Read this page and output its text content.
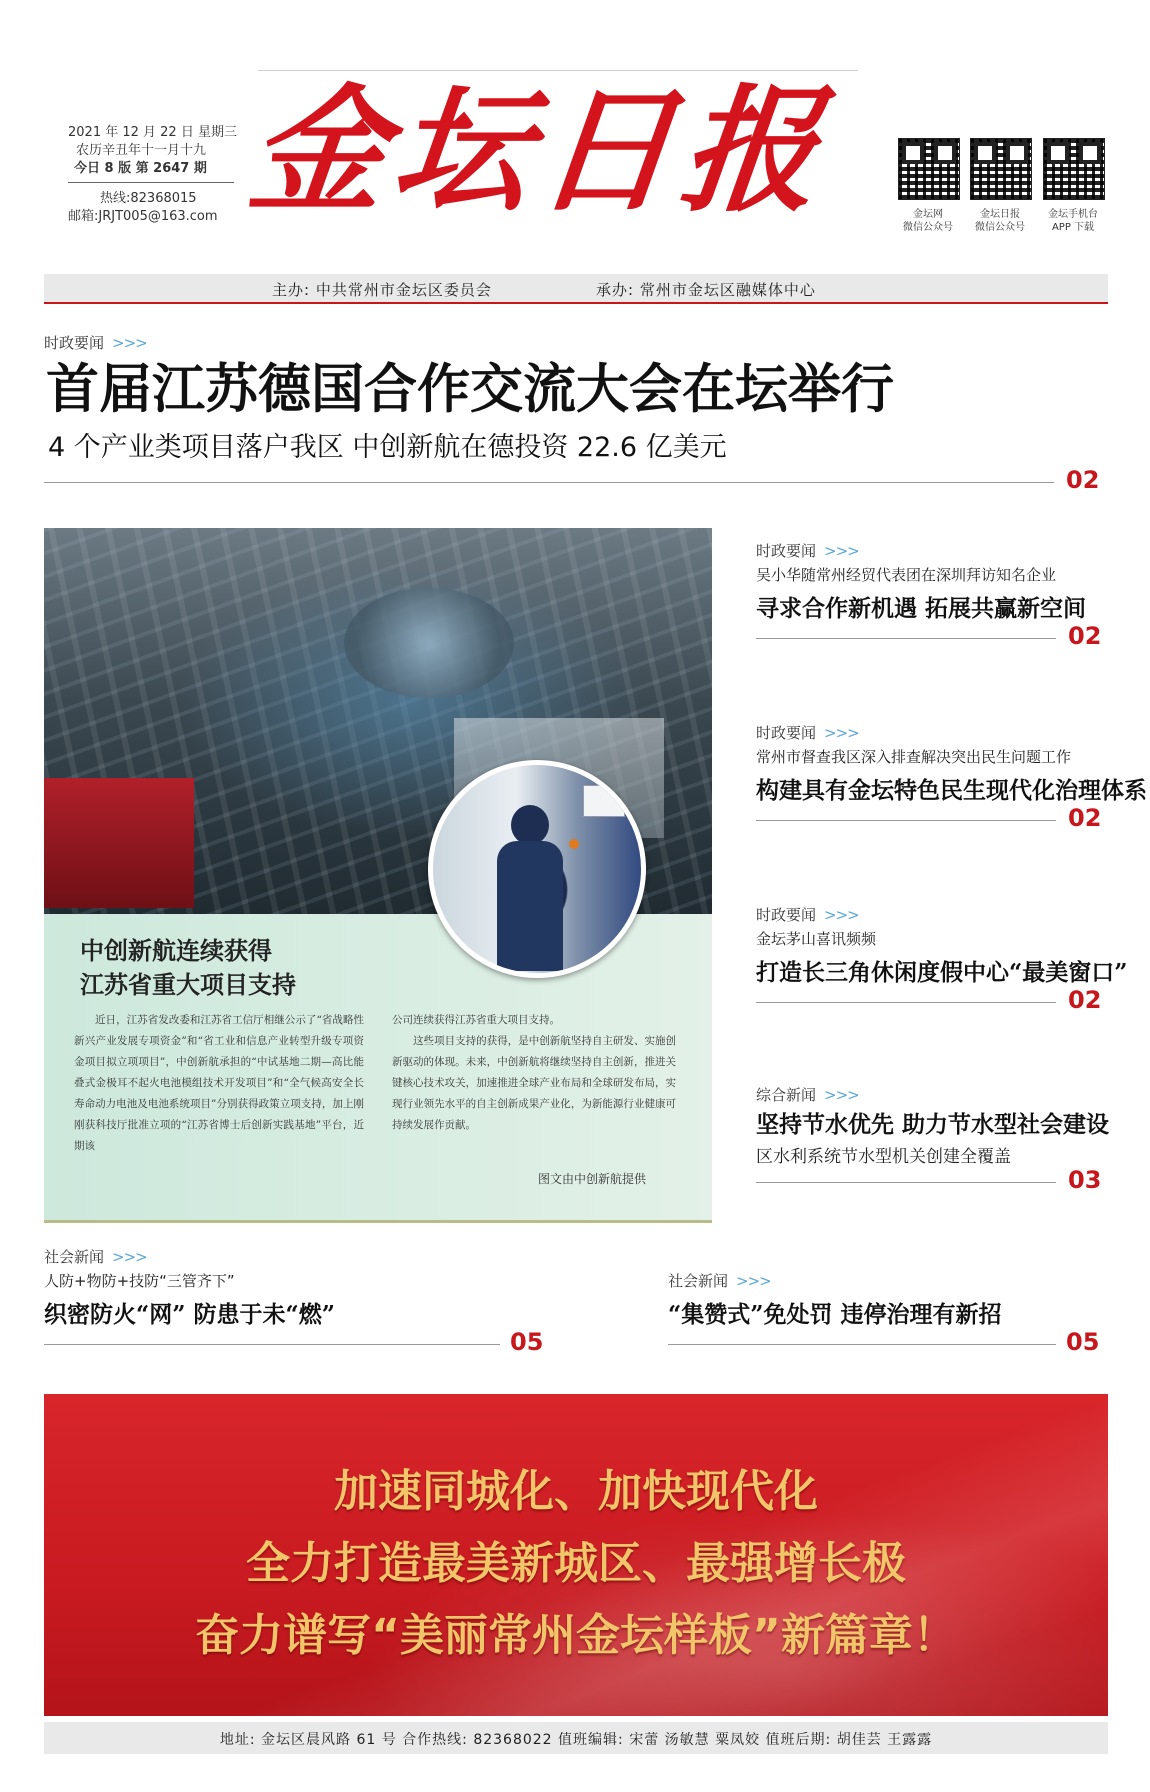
2021 年 12 月 22 日 星期三
农历辛丑年十一月十九
今日 8 版 第 2647 期
热线:82368015
邮箱:JRJT005@163.com 金坛日报	金坛网
微信公众号
金坛日报
微信公众号
金坛手机台
APP 下载
主办: 中共常州市金坛区委员会	承办: 常州市金坛区融媒体中心
时政要闻 >>>
首届江苏德国合作交流大会在坛举行
4 个产业类项目落户我区 中创新航在德投资 22.6 亿美元
02
中创新航连续获得
江苏省重大项目支持
近日，江苏省发改委和江苏省工信厅相继公示了“省战略性新兴产业发展专项资金”和“省工业和信息产业转型升级专项资金项目拟立项项目”，中创新航承担的“中试基地二期—高比能叠式金极耳不起火电池模组技术开发项目”和“全气候高安全长寿命动力电池及电池系统项目”分别获得政策立项支持，加上刚刚获科技厅批准立项的“江苏省博士后创新实践基地”平台，近期该
公司连续获得江苏省重大项目支持。
　　这些项目支持的获得，是中创新航坚持自主研发、实施创新驱动的体现。未来，中创新航将继续坚持自主创新，推进关键核心技术攻关，加速推进全球产业布局和全球研发布局，实现行业领先水平的自主创新成果产业化，为新能源行业健康可持续发展作贡献。
图文由中创新航提供
时政要闻 >>>
吴小华随常州经贸代表团在深圳拜访知名企业
寻求合作新机遇 拓展共赢新空间
02
时政要闻 >>>
常州市督查我区深入排查解决突出民生问题工作
构建具有金坛特色民生现代化治理体系
02
时政要闻 >>>
金坛茅山喜讯频频
打造长三角休闲度假中心“最美窗口”
02
综合新闻 >>>
坚持节水优先 助力节水型社会建设
区水利系统节水型机关创建全覆盖
03
社会新闻 >>>
人防+物防+技防“三管齐下”
织密防火“网” 防患于未“燃”
05
社会新闻 >>>
“集赞式”免处罚 违停治理有新招
05
加速同城化、加快现代化
全力打造最美新城区、最强增长极
奋力谱写“美丽常州金坛样板”新篇章！
地址: 金坛区晨风路 61 号 合作热线: 82368022 值班编辑: 宋蕾 汤敏慧 粟凤姣 值班后期: 胡佳芸 王露露
